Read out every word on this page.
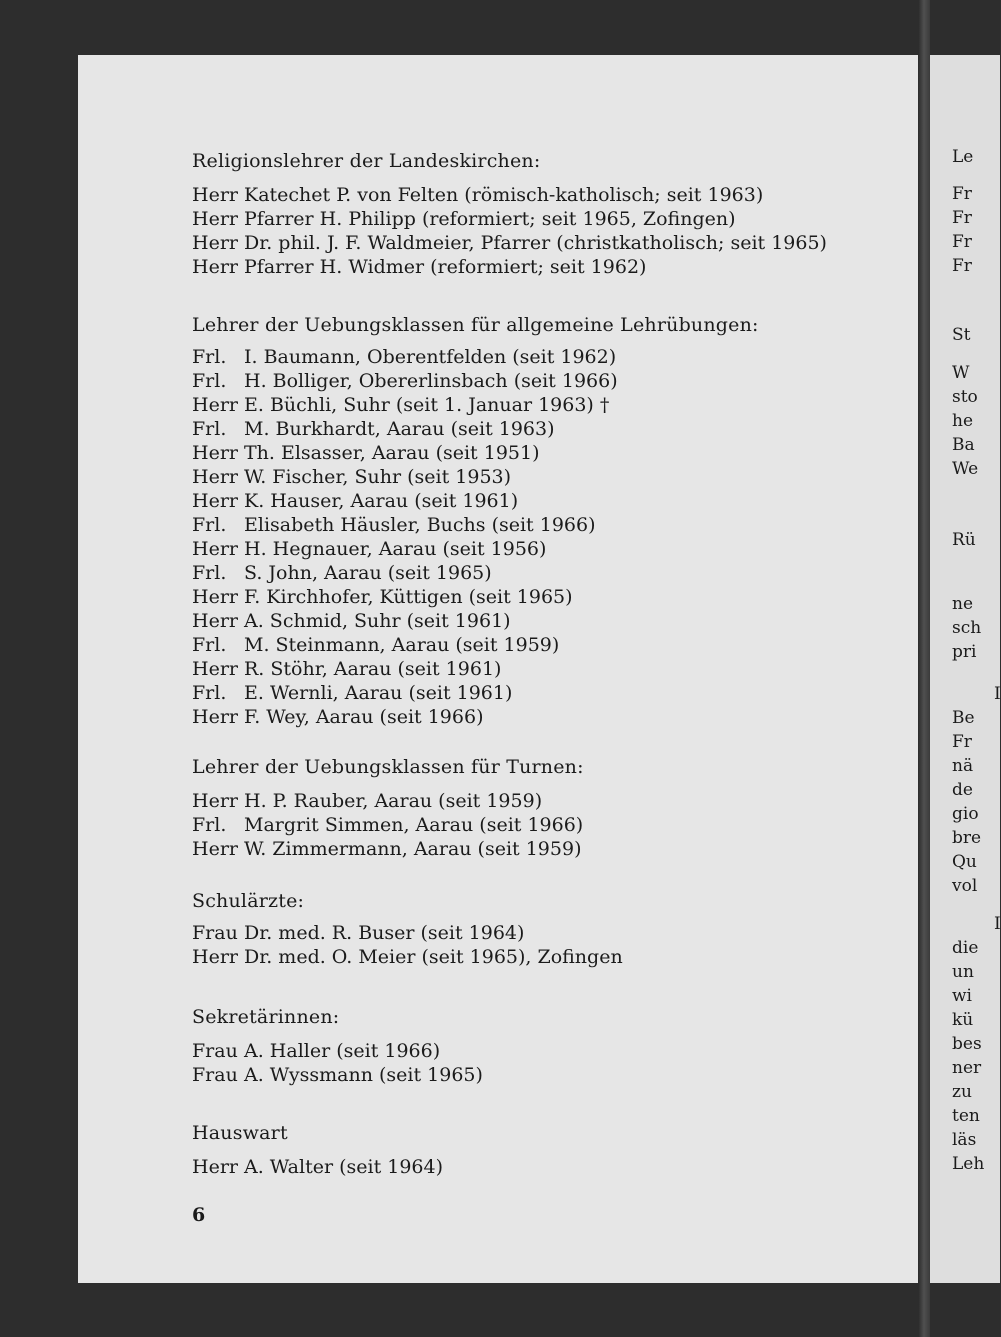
Religionslehrer der Landeskirchen:
Herr Katechet P. von Felten (römisch-katholisch; seit 1963)
Herr Pfarrer H. Philipp (reformiert; seit 1965, Zofingen)
Herr Dr. phil. J. F. Waldmeier, Pfarrer (christkatholisch; seit 1965)
Herr Pfarrer H. Widmer (reformiert; seit 1962)
Lehrer der Uebungsklassen für allgemeine Lehrübungen:
Frl. I. Baumann, Oberentfelden (seit 1962)
Frl. H. Bolliger, Obererlinsbach (seit 1966)
Herr E. Büchli, Suhr (seit 1. Januar 1963) †
Frl. M. Burkhardt, Aarau (seit 1963)
Herr Th. Elsasser, Aarau (seit 1951)
Herr W. Fischer, Suhr (seit 1953)
Herr K. Hauser, Aarau (seit 1961)
Frl. Elisabeth Häusler, Buchs (seit 1966)
Herr H. Hegnauer, Aarau (seit 1956)
Frl. S. John, Aarau (seit 1965)
Herr F. Kirchhofer, Küttigen (seit 1965)
Herr A. Schmid, Suhr (seit 1961)
Frl. M. Steinmann, Aarau (seit 1959)
Herr R. Stöhr, Aarau (seit 1961)
Frl. E. Wernli, Aarau (seit 1961)
Herr F. Wey, Aarau (seit 1966)
Lehrer der Uebungsklassen für Turnen:
Herr H. P. Rauber, Aarau (seit 1959)
Frl. Margrit Simmen, Aarau (seit 1966)
Herr W. Zimmermann, Aarau (seit 1959)
Schulärzte:
Frau Dr. med. R. Buser (seit 1964)
Herr Dr. med. O. Meier (seit 1965), Zofingen
Sekretärinnen:
Frau A. Haller (seit 1966)
Frau A. Wyssmann (seit 1965)
Hauswart
Herr A. Walter (seit 1964)
6
Le
Fr
Fr
Fr
Fr
St
W
sto
he
Ba
We
Rü
ne
sch
pri
I
Be
Fr
nä
de
gio
bre
Qu
vol
I
die
un
wi
kü
bes
ner
zu
ten
läs
Leh
